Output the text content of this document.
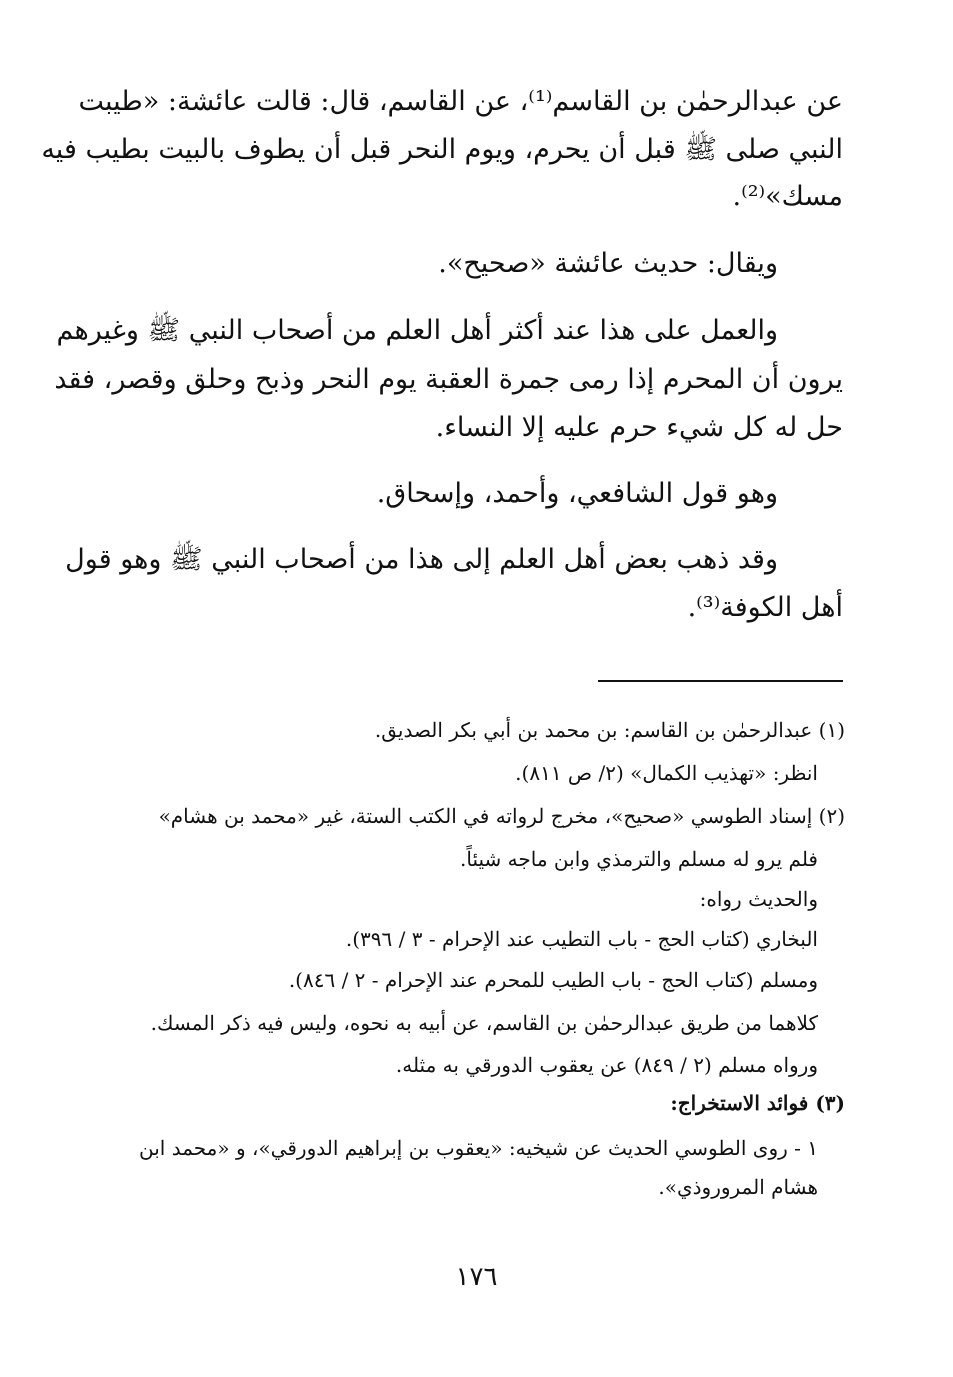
عن عبدالرحمٰن بن القاسم⁽¹⁾، عن القاسم، قال: قالت عائشة: «طيبت

النبي صلى ﷺ قبل أن يحرم، ويوم النحر قبل أن يطوف بالبيت بطيب فيه

مسك»⁽²⁾.

ويقال: حديث عائشة «صحيح».

والعمل على هذا عند أكثر أهل العلم من أصحاب النبي ﷺ وغيرهم

يرون أن المحرم إذا رمى جمرة العقبة يوم النحر وذبح وحلق وقصر، فقد

حل له كل شيء حرم عليه إلا النساء.

وهو قول الشافعي، وأحمد، وإسحاق.

وقد ذهب بعض أهل العلم إلى هذا من أصحاب النبي ﷺ وهو قول

أهل الكوفة⁽³⁾.

(١) عبدالرحمٰن بن القاسم: بن محمد بن أبي بكر الصديق.

انظر: «تهذيب الكمال» (٢/ ص ٨١١).

(٢) إسناد الطوسي «صحيح»، مخرج لرواته في الكتب الستة، غير «محمد بن هشام»

فلم يرو له مسلم والترمذي وابن ماجه شيئاً.

والحديث رواه:

البخاري (كتاب الحج - باب التطيب عند الإحرام - ٣ / ٣٩٦).

ومسلم (كتاب الحج - باب الطيب للمحرم عند الإحرام - ٢ / ٨٤٦).

كلاهما من طريق عبدالرحمٰن بن القاسم، عن أبيه به نحوه، وليس فيه ذكر المسك.

ورواه مسلم (٢ / ٨٤٩) عن يعقوب الدورقي به مثله.

(٣) فوائد الاستخراج:

١ - روى الطوسي الحديث عن شيخيه: «يعقوب بن إبراهيم الدورقي»، و «محمد ابن

هشام المروروذي».

١٧٦
